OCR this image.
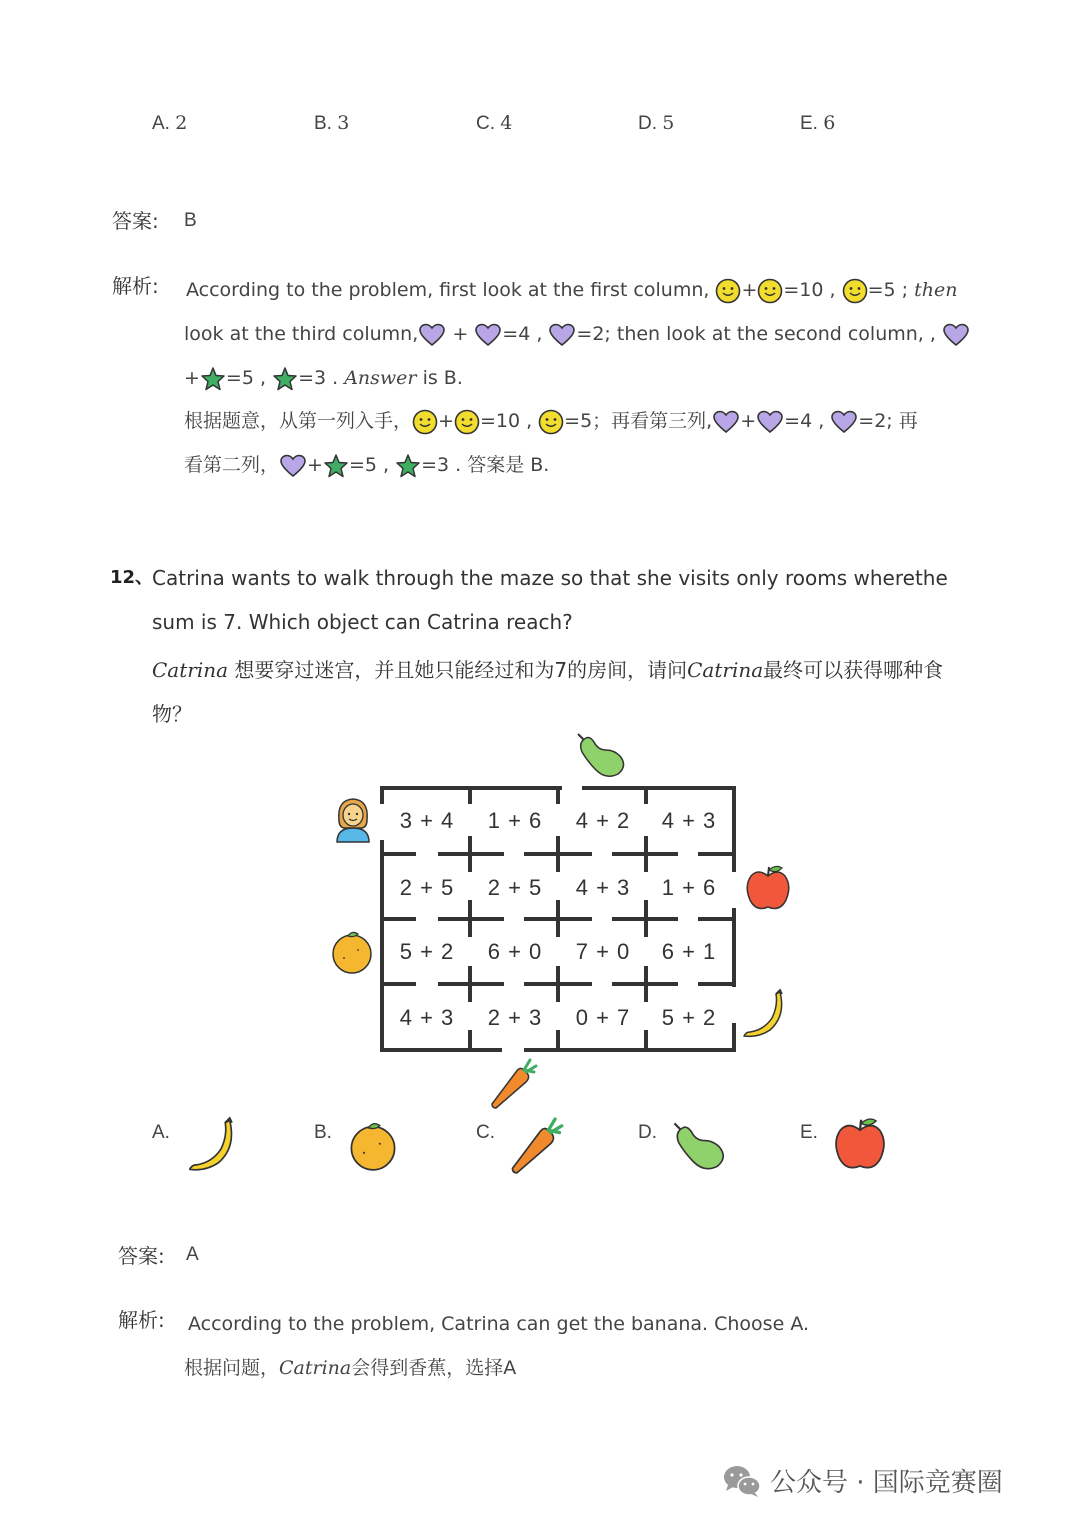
A. 2	B. 3	C. 4	D. 5	E. 6
答案: B
解析: According to the problem, first look at the first column, + =10 , =5 ; then
look at the third column, + =4 , =2; then look at the second column, ,
+ =5 , =3 . Answer is B.
根据题意，从第一列入手， + =10 , =5；再看第三列, + =4 , =2; 再
看第二列， + =5 , =3 . 答案是 B.
12、
Catrina wants to walk through the maze so that she visits only rooms wherethe
sum is 7. Which object can Catrina reach?
Catrina 想要穿过迷宫，并且她只能经过和为7的房间，请问Catrina最终可以获得哪种食
物？
3 + 4	1 + 6	4 + 2	4 + 3
2 + 5	2 + 5	4 + 3	1 + 6
5 + 2	6 + 0	7 + 0	6 + 1
4 + 3	2 + 3	0 + 7	5 + 2
A.	B.	C.	D.	E.
答案: A
解析: According to the problem, Catrina can get the banana. Choose A.
根据问题，Catrina会得到香蕉，选择A
公众号 · 国际竞赛圈
